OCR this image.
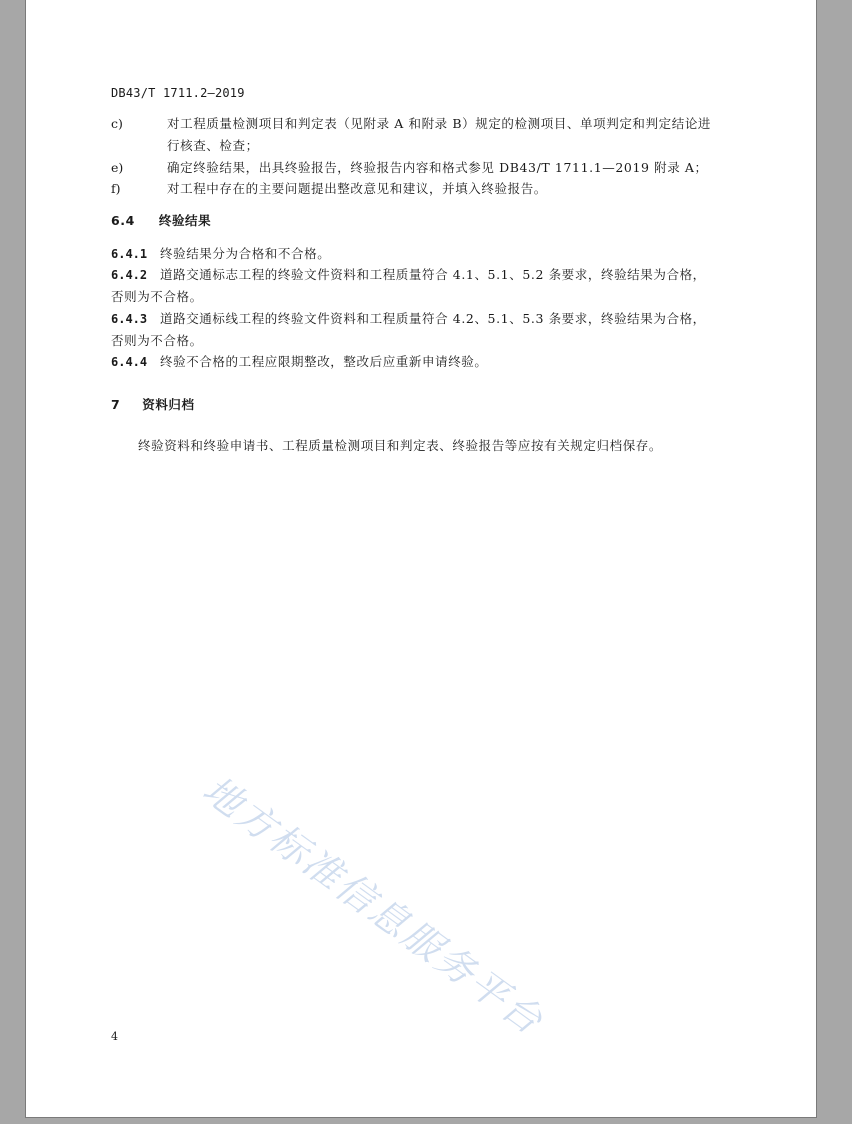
DB43/T 1711.2—2019
c)	对工程质量检测项目和判定表（见附录 A 和附录 B）规定的检测项目、单项判定和判定结论进
行核查、检查；
e)	确定终验结果，出具终验报告，终验报告内容和格式参见 DB43/T 1711.1—2019 附录 A；
f)	对工程中存在的主要问题提出整改意见和建议，并填入终验报告。
6.4 终验结果
6.4.1 终验结果分为合格和不合格。
6.4.2 道路交通标志工程的终验文件资料和工程质量符合 4.1、5.1、5.2 条要求，终验结果为合格，
否则为不合格。
6.4.3 道路交通标线工程的终验文件资料和工程质量符合 4.2、5.1、5.3 条要求，终验结果为合格，
否则为不合格。
6.4.4 终验不合格的工程应限期整改，整改后应重新申请终验。
7 资料归档
终验资料和终验申请书、工程质量检测项目和判定表、终验报告等应按有关规定归档保存。
地方标准信息服务平台
4
